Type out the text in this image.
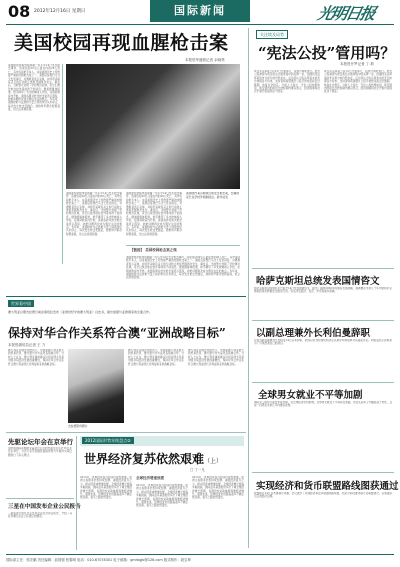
08 2012年12月16日 星期日	国际新闻	光明日报
美国校园再现血腥枪击案
本报驻华盛顿记者 余晓葵
美国康涅狄格州纽敦镇一所小学14日发生枪击事件，造成包括20名儿童在内的28人死亡，其中包括枪手本人。这是美国历史上死伤最严重的校园枪击案之一。美国总统奥巴马当天发表讲话，对遇难者表示哀悼，并呼吁采取有意义的行动防止类似悲剧再次发生。事发后，当地警方封锁了学校周边区域，家长们焦急地在校外等待孩子的消息。据美国媒体报道，枪手携带了多支枪械闯入学校，在两间教室内开枪。美国各界对此次枪击案表示震惊，控枪问题再次成为舆论关注的焦点。多年来，美国控枪与反控枪力量之间的争论从未停止，每次发生枪击悲剧后，控枪呼声都会短暂高涨，但立法进展甚微。
美国康涅狄格州纽敦镇一所小学14日发生枪击事件，造成包括20名儿童在内的28人死亡，其中包括枪手本人。这是美国历史上死伤最严重的校园枪击案之一。美国总统奥巴马当天发表讲话，对遇难者表示哀悼，并呼吁采取有意义的行动防止类似悲剧再次发生。事发后，当地警方封锁了学校周边区域，家长们焦急地在校外等待孩子的消息。据美国媒体报道，枪手携带了多支枪械闯入学校，在两间教室内开枪。美国各界对此次枪击案表示震惊，控枪问题再次成为舆论关注的焦点。多年来，美国控枪与反控枪力量之间的争论从未停止，每次发生枪击悲剧后，控枪呼声都会短暂高涨，但立法进展甚微。
美国康涅狄格州纽敦镇一所小学14日发生枪击事件，造成包括20名儿童在内的28人死亡，其中包括枪手本人。这是美国历史上死伤最严重的校园枪击案之一。美国总统奥巴马当天发表讲话，对遇难者表示哀悼，并呼吁采取有意义的行动防止类似悲剧再次发生。事发后，当地警方封锁了学校周边区域，家长们焦急地在校外等待孩子的消息。据美国媒体报道，枪手携带了多支枪械闯入学校，在两间教室内开枪。美国各界对此次枪击案表示震惊，控枪问题再次成为舆论关注的焦点。多年来，美国控枪与反控枪力量之间的争论从未停止，每次发生枪击悲剧后，控枪呼声都会短暂高涨，但立法进展甚微。
美国纽约莱克斯顿日前发生枪击案，悲痛的家长在学校外相拥而泣。新华社发
【链接】 美国校园枪击案之殇
美国康涅狄格州纽敦镇一所小学14日发生枪击事件，造成包括20名儿童在内的28人死亡，其中包括枪手本人。这是美国历史上死伤最严重的校园枪击案之一。美国总统奥巴马当天发表讲话，对遇难者表示哀悼，并呼吁采取有意义的行动防止类似悲剧再次发生。事发后，当地警方封锁了学校周边区域，家长们焦急地在校外等待孩子的消息。据美国媒体报道，枪手携带了多支枪械闯入学校，在两间教室内开枪。美国各界对此次枪击案表示震惊，控枪问题再次成为舆论关注的焦点。多年来，美国控枪与反控枪力量之间的争论从未停止，每次发生枪击悲剧后，控枪呼声都会短暂高涨，但立法进展甚微。
关注埃及局势
“宪法公投”管用吗？
本报驻开罗记者 丁 莉
埃及宪法草案公投15日开始举行，投票分两轮进行。此次公投被视为埃及政治过渡进程中的关键一步，但围绕宪法草案的争议和分歧仍然存在。反对派认为宪法草案未能充分体现各方诉求，支持者则希望通过公投尽快结束政治过渡期，恢复社会稳定。分析人士指出，无论公投结果如何，埃及国内的政治分歧短期内难以弥合，经济困境和社会矛盾仍将困扰这个国家。
埃及宪法草案公投15日开始举行，投票分两轮进行。此次公投被视为埃及政治过渡进程中的关键一步，但围绕宪法草案的争议和分歧仍然存在。反对派认为宪法草案未能充分体现各方诉求，支持者则希望通过公投尽快结束政治过渡期，恢复社会稳定。分析人士指出，无论公投结果如何，埃及国内的政治分歧短期内难以弥合，经济困境和社会矛盾仍将困扰这个国家。
哈萨克斯坦总统发表国情咨文
哈萨克斯坦总统纳扎尔巴耶夫14日发表国情咨文，提出了面向2050年的国家发展战略，强调要在未来几十年内使哈萨克斯坦跻身世界最发达国家行列。咨文涉及经济、社会、外交等诸多领域。
以副总理兼外长利伯曼辞职
以色列副总理兼外长利伯曼14日宣布辞职，此前以色列检察机构决定以欺诈和背信罪对其提起诉讼。利伯曼表示辞职是为了尽快澄清自己的清白。
全球男女就业不平等加剧
国际劳工组织日前发布报告称，受全球经济危机影响，全球男女就业不平等状况加剧，女性失业率上升幅度高于男性，且这一趋势在未来几年内难以逆转。
实现经济和货币联盟路线图获通过
欧盟峰会14日在布鲁塞尔闭幕，会议通过了实现经济和货币联盟的路线图，同意分阶段推进银行业联盟建设，以加强欧元区的经济治理。
世界看中国
澳大利亚总理吉拉德日前在堪培拉发布《亚洲世纪中的澳大利亚》白皮书，提出加强与亚洲国家的全面合作。
保持对华合作关系符合澳“亚洲战略目标”
本报驻堪培拉记者 王 力
澳大利亚总理吉拉德表示，中国是澳大利亚最大的贸易伙伴，澳方愿与中方深化各领域合作。分析人士认为，澳大利亚越来越认识到亚洲尤其是中国对其经济发展的重要性，保持对华合作关系符合澳大利亚的长远利益和亚洲战略目标。
吉拉德资料图片
澳大利亚总理吉拉德表示，中国是澳大利亚最大的贸易伙伴，澳方愿与中方深化各领域合作。分析人士认为，澳大利亚越来越认识到亚洲尤其是中国对其经济发展的重要性，保持对华合作关系符合澳大利亚的长远利益和亚洲战略目标。
澳大利亚总理吉拉德表示，中国是澳大利亚最大的贸易伙伴，澳方愿与中方深化各领域合作。分析人士认为，澳大利亚越来越认识到亚洲尤其是中国对其经济发展的重要性，保持对华合作关系符合澳大利亚的长远利益和亚洲战略目标。
先驱论坛年会在京举行
由中国国际问题研究基金会主办的先驱论坛年会15日在北京举行，与会专家学者围绕国际形势与中国外交等议题进行了深入研讨。
三星在中国发布企业公民报告
三星集团日前在北京发布企业社会责任报告，介绍了其在华履行企业公民责任的情况。
2012国际形势年终盘点②
世界经济复苏依然艰难（上）
□ 丁一凡
2012年，世界经济复苏的步伐依然艰难。欧洲主权债务危机持续发酵，美国经济复苏乏力，新兴经济体增速放缓，全球经济增长面临多重挑战。国际货币基金组织多次下调全球经济增长预期，各国纷纷采取措施刺激经济增长。展望未来，世界经济仍将面临诸多不确定性因素，复苏之路依然漫长。
全球经济增速放缓
2012年，世界经济复苏的步伐依然艰难。欧洲主权债务危机持续发酵，美国经济复苏乏力，新兴经济体增速放缓，全球经济增长面临多重挑战。国际货币基金组织多次下调全球经济增长预期，各国纷纷采取措施刺激经济增长。展望未来，世界经济仍将面临诸多不确定性因素，复苏之路依然漫长。
2012年，世界经济复苏的步伐依然艰难。欧洲主权债务危机持续发酵，美国经济复苏乏力，新兴经济体增速放缓，全球经济增长面临多重挑战。国际货币基金组织多次下调全球经济增长预期，各国纷纷采取措施刺激经济增长。展望未来，世界经济仍将面临诸多不确定性因素，复苏之路依然漫长。
国际部主任：郭宏鹏 责任编辑：邱国强 张黎明 电话：010-67078301 电子邮箱：gmrbgjb@126.com 版式制作：聂宝坤
